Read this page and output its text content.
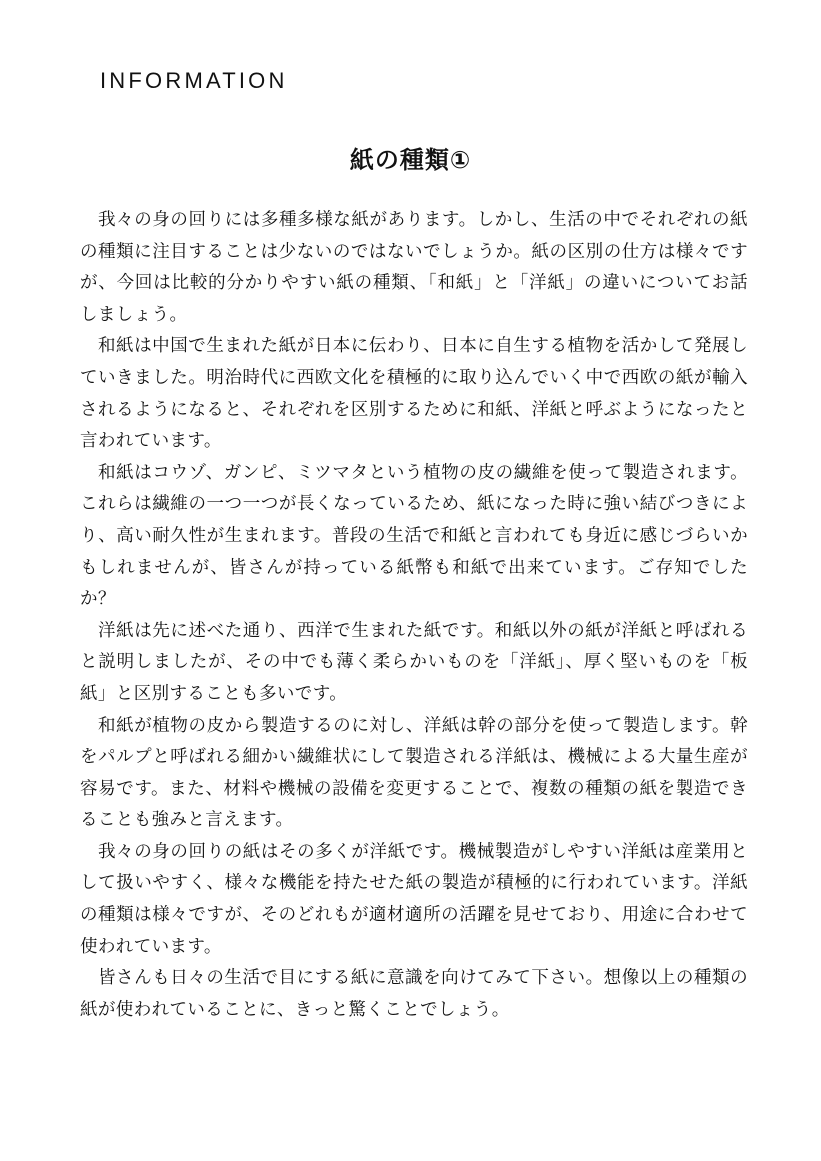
INFORMATION
紙の種類①

我々の身の回りには多種多様な紙があります。しかし、生活の中でそれぞれの紙の種類に注目することは少ないのではないでしょうか。紙の区別の仕方は様々ですが、今回は比較的分かりやすい紙の種類、「和紙」と「洋紙」の違いについてお話しましょう。

和紙は中国で生まれた紙が日本に伝わり、日本に自生する植物を活かして発展していきました。明治時代に西欧文化を積極的に取り込んでいく中で西欧の紙が輸入されるようになると、それぞれを区別するために和紙、洋紙と呼ぶようになったと言われています。

和紙はコウゾ、ガンピ、ミツマタという植物の皮の繊維を使って製造されます。これらは繊維の一つ一つが長くなっているため、紙になった時に強い結びつきにより、高い耐久性が生まれます。普段の生活で和紙と言われても身近に感じづらいかもしれませんが、皆さんが持っている紙幣も和紙で出来ています。ご存知でしたか？

洋紙は先に述べた通り、西洋で生まれた紙です。和紙以外の紙が洋紙と呼ばれると説明しましたが、その中でも薄く柔らかいものを「洋紙」、厚く堅いものを「板紙」と区別することも多いです。

和紙が植物の皮から製造するのに対し、洋紙は幹の部分を使って製造します。幹をパルプと呼ばれる細かい繊維状にして製造される洋紙は、機械による大量生産が容易です。また、材料や機械の設備を変更することで、複数の種類の紙を製造できることも強みと言えます。

我々の身の回りの紙はその多くが洋紙です。機械製造がしやすい洋紙は産業用として扱いやすく、様々な機能を持たせた紙の製造が積極的に行われています。洋紙の種類は様々ですが、そのどれもが適材適所の活躍を見せており、用途に合わせて使われています。

皆さんも日々の生活で目にする紙に意識を向けてみて下さい。想像以上の種類の紙が使われていることに、きっと驚くことでしょう。
